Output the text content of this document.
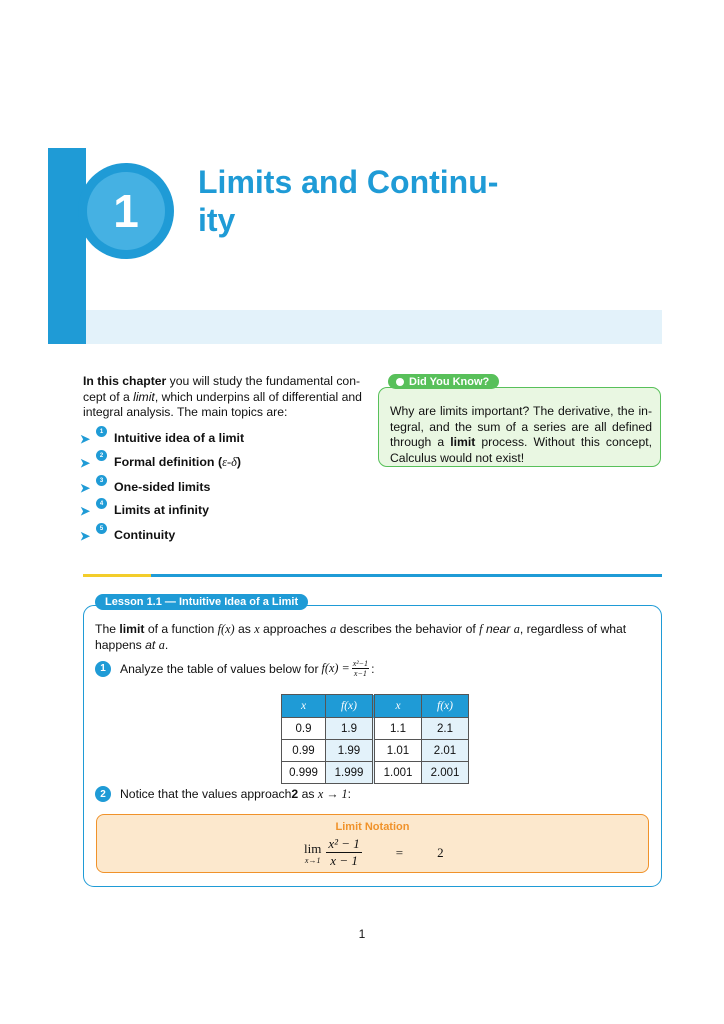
1
Limits and Continu-
ity
In this chapter you will study the fundamental con-cept of a limit, which underpins all of differential and integral analysis. The main topics are:
➤
1 Intuitive idea of a limit
➤
2 Formal definition (ε-δ)
➤
3 One-sided limits
➤
4 Limits at infinity
➤
5 Continuity
Did You Know?
Why are limits important? The derivative, the in-tegral, and the sum of a series are all defined through a limit process. Without this concept, Calculus would not exist!
Lesson 1.1 — Intuitive Idea of a Limit
The limit of a function f(x) as x approaches a describes the behavior of f near a, regardless of what happens at a.
1	Analyze the table of values below for $f(x) = \frac{\text{x²−1}}{x-1}$ :
x	f(x)	x	f(x)
0.9	1.9	1.1	2.1
0.99	1.99	1.01	2.01
0.999	1.999	1.001	2.001
2	Notice that the values approach 2 as x → 1 :
Limit Notation
lim
$x\to 1 \frac{\text{x² − 1}}{x - 1}$	=	2
1
